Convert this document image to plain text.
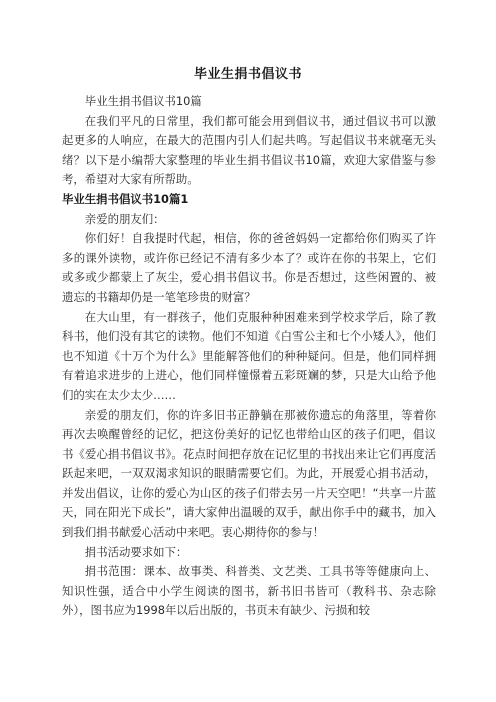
毕业生捐书倡议书

毕业生捐书倡议书10篇

在我们平凡的日常里，我们都可能会用到倡议书，通过倡议书可以激起更多的人响应，在最大的范围内引人们起共鸣。写起倡议书来就毫无头绪？以下是小编帮大家整理的毕业生捐书倡议书10篇，欢迎大家借鉴与参考，希望对大家有所帮助。

毕业生捐书倡议书10篇1

亲爱的朋友们：

你们好！自我提时代起，相信，你的爸爸妈妈一定都给你们购买了许多的课外读物，或许你已经记不清有多少本了？或许在你的书架上，它们或多或少都蒙上了灰尘，爱心捐书倡议书。你是否想过，这些闲置的、被遗忘的书籍却仍是一笔笔珍贵的财富？

在大山里，有一群孩子，他们克服种种困难来到学校求学后，除了教科书，他们没有其它的读物。他们不知道《白雪公主和七个小矮人》，他们也不知道《十万个为什么》里能解答他们的种种疑问。但是，他们同样拥有着追求进步的上进心，他们同样憧憬着五彩斑斓的梦，只是大山给予他们的实在太少太少……

亲爱的朋友们，你的许多旧书正静躺在那被你遗忘的角落里，等着你再次去唤醒曾经的记忆，把这份美好的记忆也带给山区的孩子们吧，倡议书《爱心捐书倡议书》。花点时间把存放在记忆里的书找出来让它们再度活跃起来吧，一双双渴求知识的眼睛需要它们。为此，开展爱心捐书活动，并发出倡议，让你的爱心为山区的孩子们带去另一片天空吧！“共享一片蓝天，同在阳光下成长”，请大家伸出温暖的双手，献出你手中的藏书，加入到我们捐书献爱心活动中来吧。衷心期待你的参与！

捐书活动要求如下：

捐书范围：课本、故事类、科普类、文艺类、工具书等等健康向上、知识性强，适合中小学生阅读的图书，新书旧书皆可（教科书、杂志除外），图书应为1998年以后出版的，书页未有缺少、污损和较
